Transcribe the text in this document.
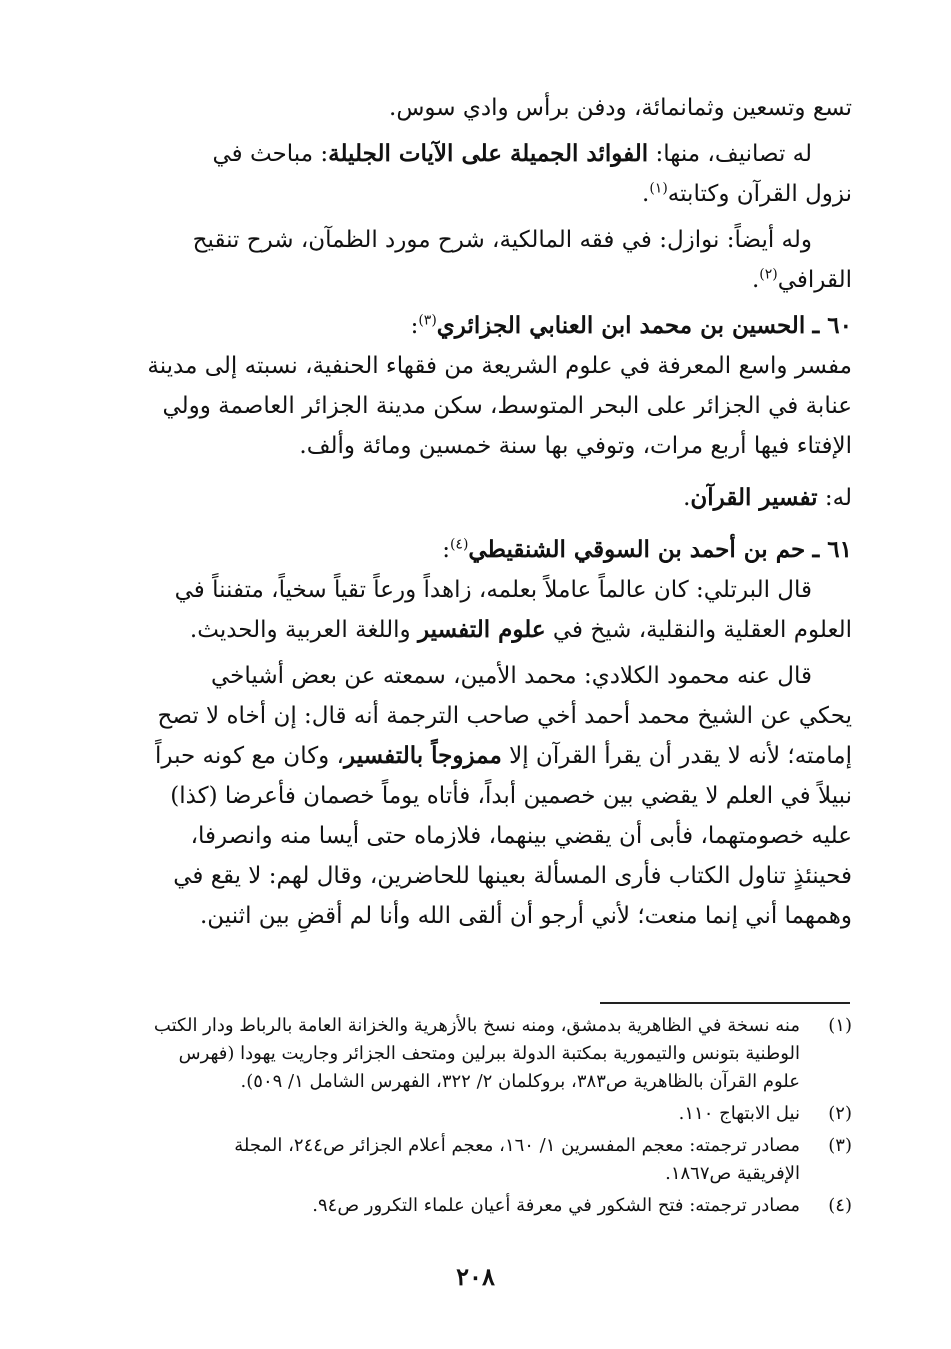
تسع وتسعين وثمانمائة، ودفن برأس وادي سوس.
له تصانيف، منها: الفوائد الجميلة على الآيات الجليلة: مباحث في
نزول القرآن وكتابته$^{(١)}$.
وله أيضاً: نوازل: في فقه المالكية، شرح مورد الظمآن، شرح تنقيح
القرافي$^{(٢)}$.
٦٠ ـ الحسين بن محمد ابن العنابي الجزائري$^{(٣)}$:
مفسر واسع المعرفة في علوم الشريعة من فقهاء الحنفية، نسبته إلى مدينة
عنابة في الجزائر على البحر المتوسط، سكن مدينة الجزائر العاصمة وولي
الإفتاء فيها أربع مرات، وتوفي بها سنة خمسين ومائة وألف.
له: تفسير القرآن.
٦١ ـ حم بن أحمد بن السوقي الشنقيطي$^{(٤)}$:
قال البرتلي: كان عالماً عاملاً بعلمه، زاهداً ورعاً تقياً سخياً، متفنناً في
العلوم العقلية والنقلية، شيخ في علوم التفسير واللغة العربية والحديث.
قال عنه محمود الكلادي: محمد الأمين، سمعته عن بعض أشياخي
يحكي عن الشيخ محمد أحمد أخي صاحب الترجمة أنه قال: إن أخاه لا تصح
إمامته؛ لأنه لا يقدر أن يقرأ القرآن إلا ممزوجاً بالتفسير، وكان مع كونه حبراً
نبيلاً في العلم لا يقضي بين خصمين أبداً، فأتاه يوماً خصمان فأعرضا (كذا)
عليه خصومتهما، فأبى أن يقضي بينهما، فلازماه حتى أيسا منه وانصرفا،
فحينئذٍ تناول الكتاب فأرى المسألة بعينها للحاضرين، وقال لهم: لا يقع في
وهمهما أني إنما منعت؛ لأني أرجو أن ألقى الله وأنا لم أقضِ بين اثنين.
(١)
منه نسخة في الظاهرية بدمشق، ومنه نسخ بالأزهرية والخزانة العامة بالرباط ودار الكتب
الوطنية بتونس والتيمورية بمكتبة الدولة ببرلين ومتحف الجزائر وجاريت يهودا (فهرس
علوم القرآن بالظاهرية ص٣٨٣، بروكلمان ٢/ ٣٢٢، الفهرس الشامل ١/ ٥٠٩).
(٢)
نيل الابتهاج ١١٠.
(٣)
مصادر ترجمته: معجم المفسرين ١/ ١٦٠، معجم أعلام الجزائر ص٢٤٤، المجلة
الإفريقية ص١٨٦٧.
(٤)
مصادر ترجمته: فتح الشكور في معرفة أعيان علماء التكرور ص٩٤.
٢٠٨
